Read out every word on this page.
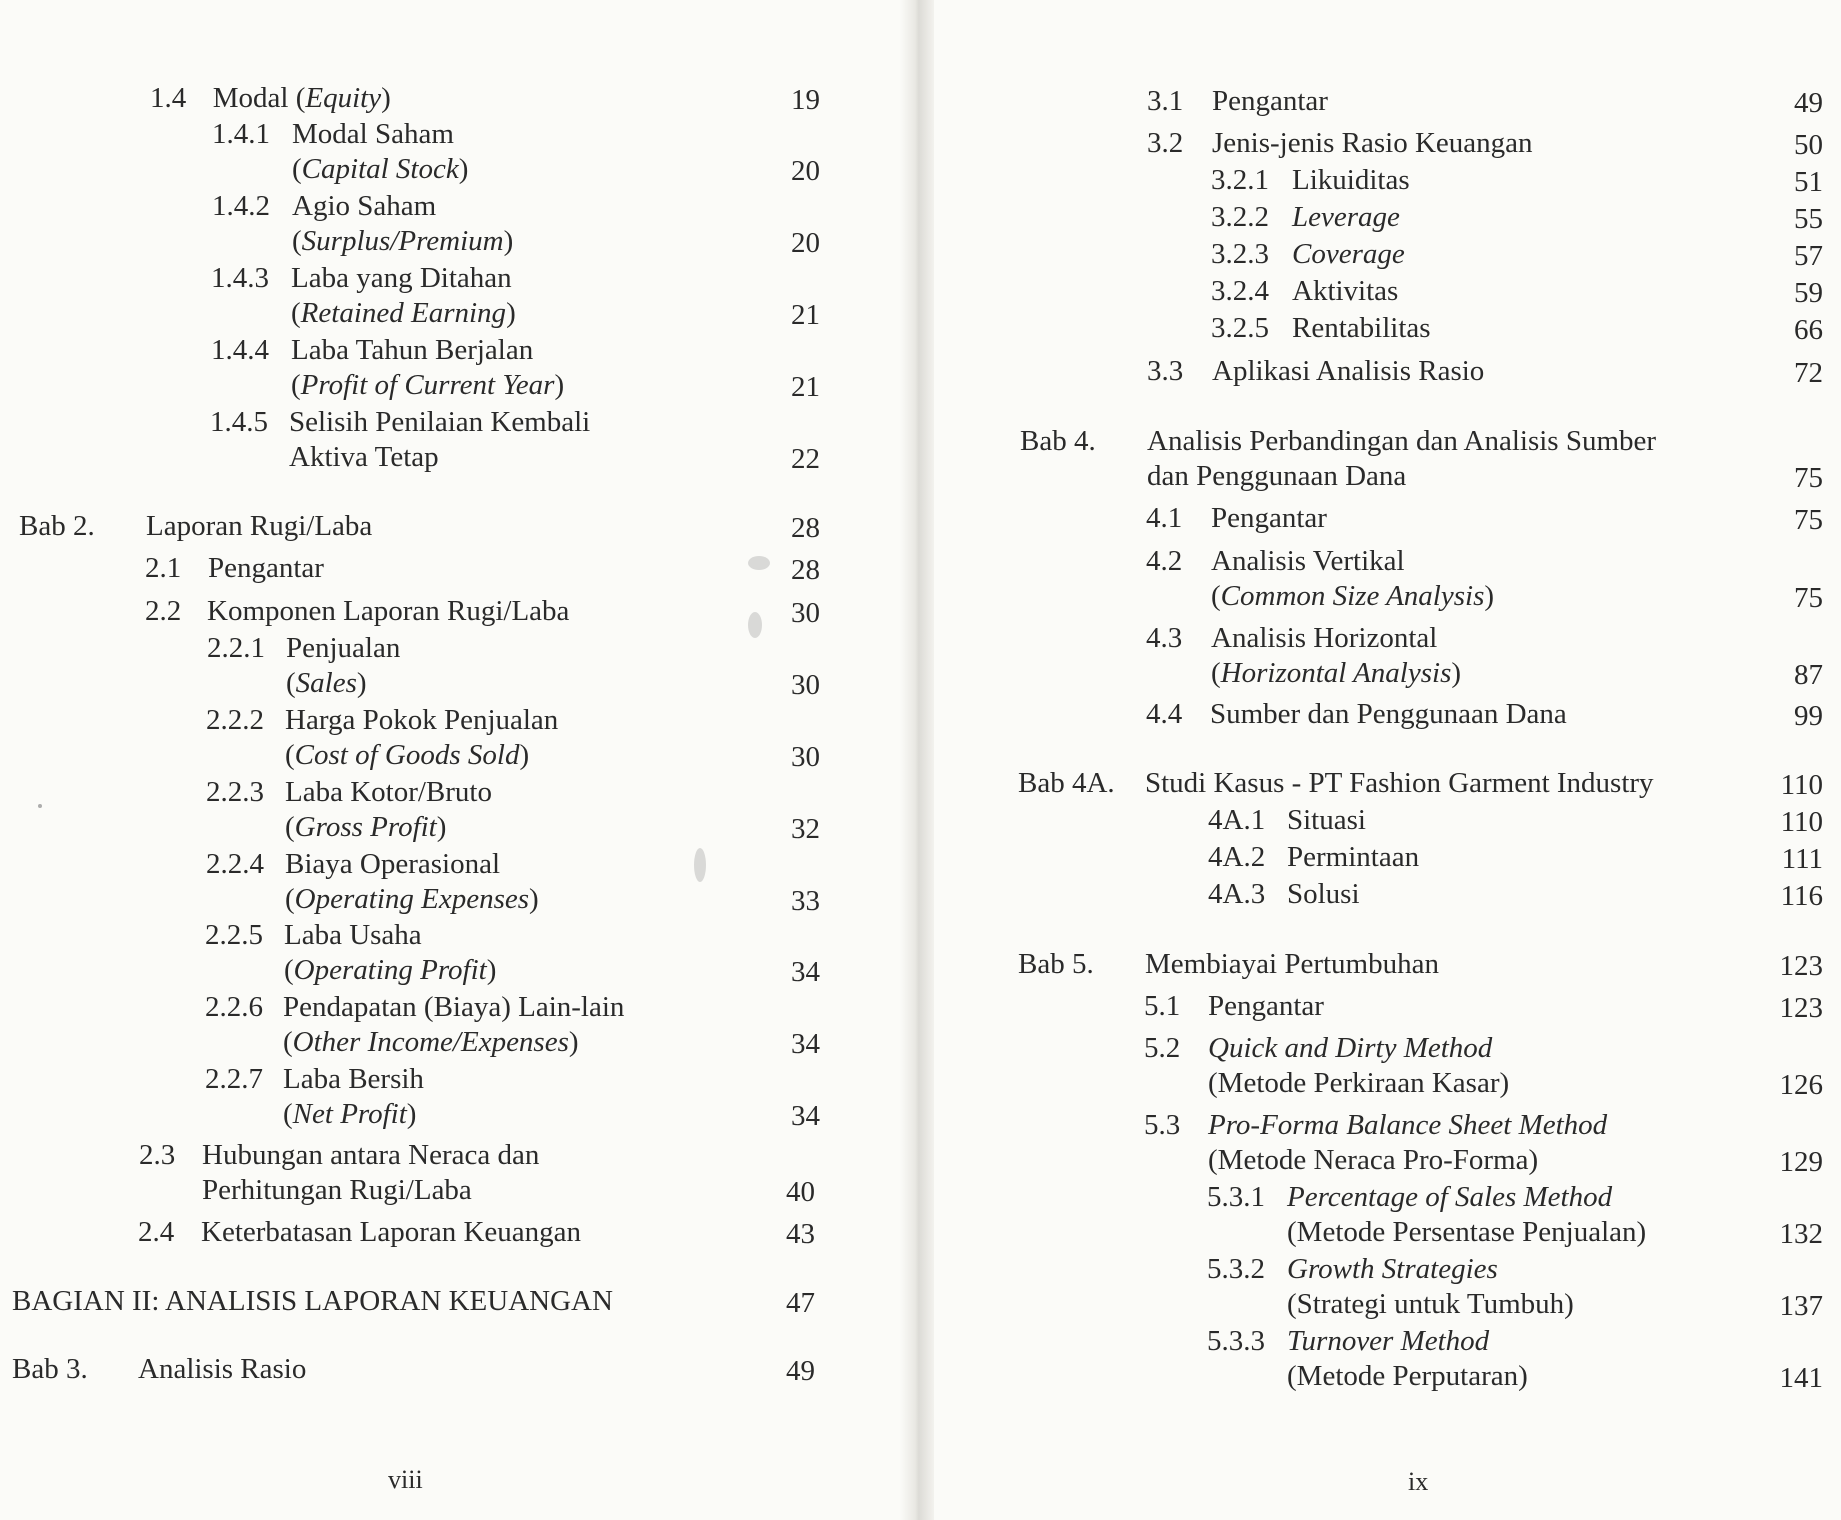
1.4 Modal (Equity)	19
1.4.1 Modal Saham
(Capital Stock)	20
1.4.2 Agio Saham
(Surplus/Premium)	20
1.4.3 Laba yang Ditahan
(Retained Earning)	21
1.4.4 Laba Tahun Berjalan
(Profit of Current Year)	21
1.4.5 Selisih Penilaian Kembali
Aktiva Tetap	22
Bab 2. Laporan Rugi/Laba	28
2.1 Pengantar	28
2.2 Komponen Laporan Rugi/Laba	30
2.2.1 Penjualan
(Sales)	30
2.2.2 Harga Pokok Penjualan
(Cost of Goods Sold)	30
2.2.3 Laba Kotor/Bruto
(Gross Profit)	32
2.2.4 Biaya Operasional
(Operating Expenses)	33
2.2.5 Laba Usaha
(Operating Profit)	34
2.2.6 Pendapatan (Biaya) Lain-lain
(Other Income/Expenses)	34
2.2.7 Laba Bersih
(Net Profit)	34
2.3 Hubungan antara Neraca dan
Perhitungan Rugi/Laba	40
2.4 Keterbatasan Laporan Keuangan	43
BAGIAN II: ANALISIS LAPORAN KEUANGAN	47
Bab 3. Analisis Rasio	49
viii
3.1 Pengantar	49
3.2 Jenis-jenis Rasio Keuangan	50
3.2.1 Likuiditas	51
3.2.2 Leverage	55
3.2.3 Coverage	57
3.2.4 Aktivitas	59
3.2.5 Rentabilitas	66
3.3 Aplikasi Analisis Rasio	72
Bab 4. Analisis Perbandingan dan Analisis Sumber
dan Penggunaan Dana	75
4.1 Pengantar	75
4.2 Analisis Vertikal
(Common Size Analysis)	75
4.3 Analisis Horizontal
(Horizontal Analysis)	87
4.4 Sumber dan Penggunaan Dana	99
Bab 4A. Studi Kasus - PT Fashion Garment Industry	110
4A.1 Situasi	110
4A.2 Permintaan	111
4A.3 Solusi	116
Bab 5. Membiayai Pertumbuhan	123
5.1 Pengantar	123
5.2 Quick and Dirty Method
(Metode Perkiraan Kasar)	126
5.3 Pro-Forma Balance Sheet Method
(Metode Neraca Pro-Forma)	129
5.3.1 Percentage of Sales Method
(Metode Persentase Penjualan)	132
5.3.2 Growth Strategies
(Strategi untuk Tumbuh)	137
5.3.3 Turnover Method
(Metode Perputaran)	141
ix
